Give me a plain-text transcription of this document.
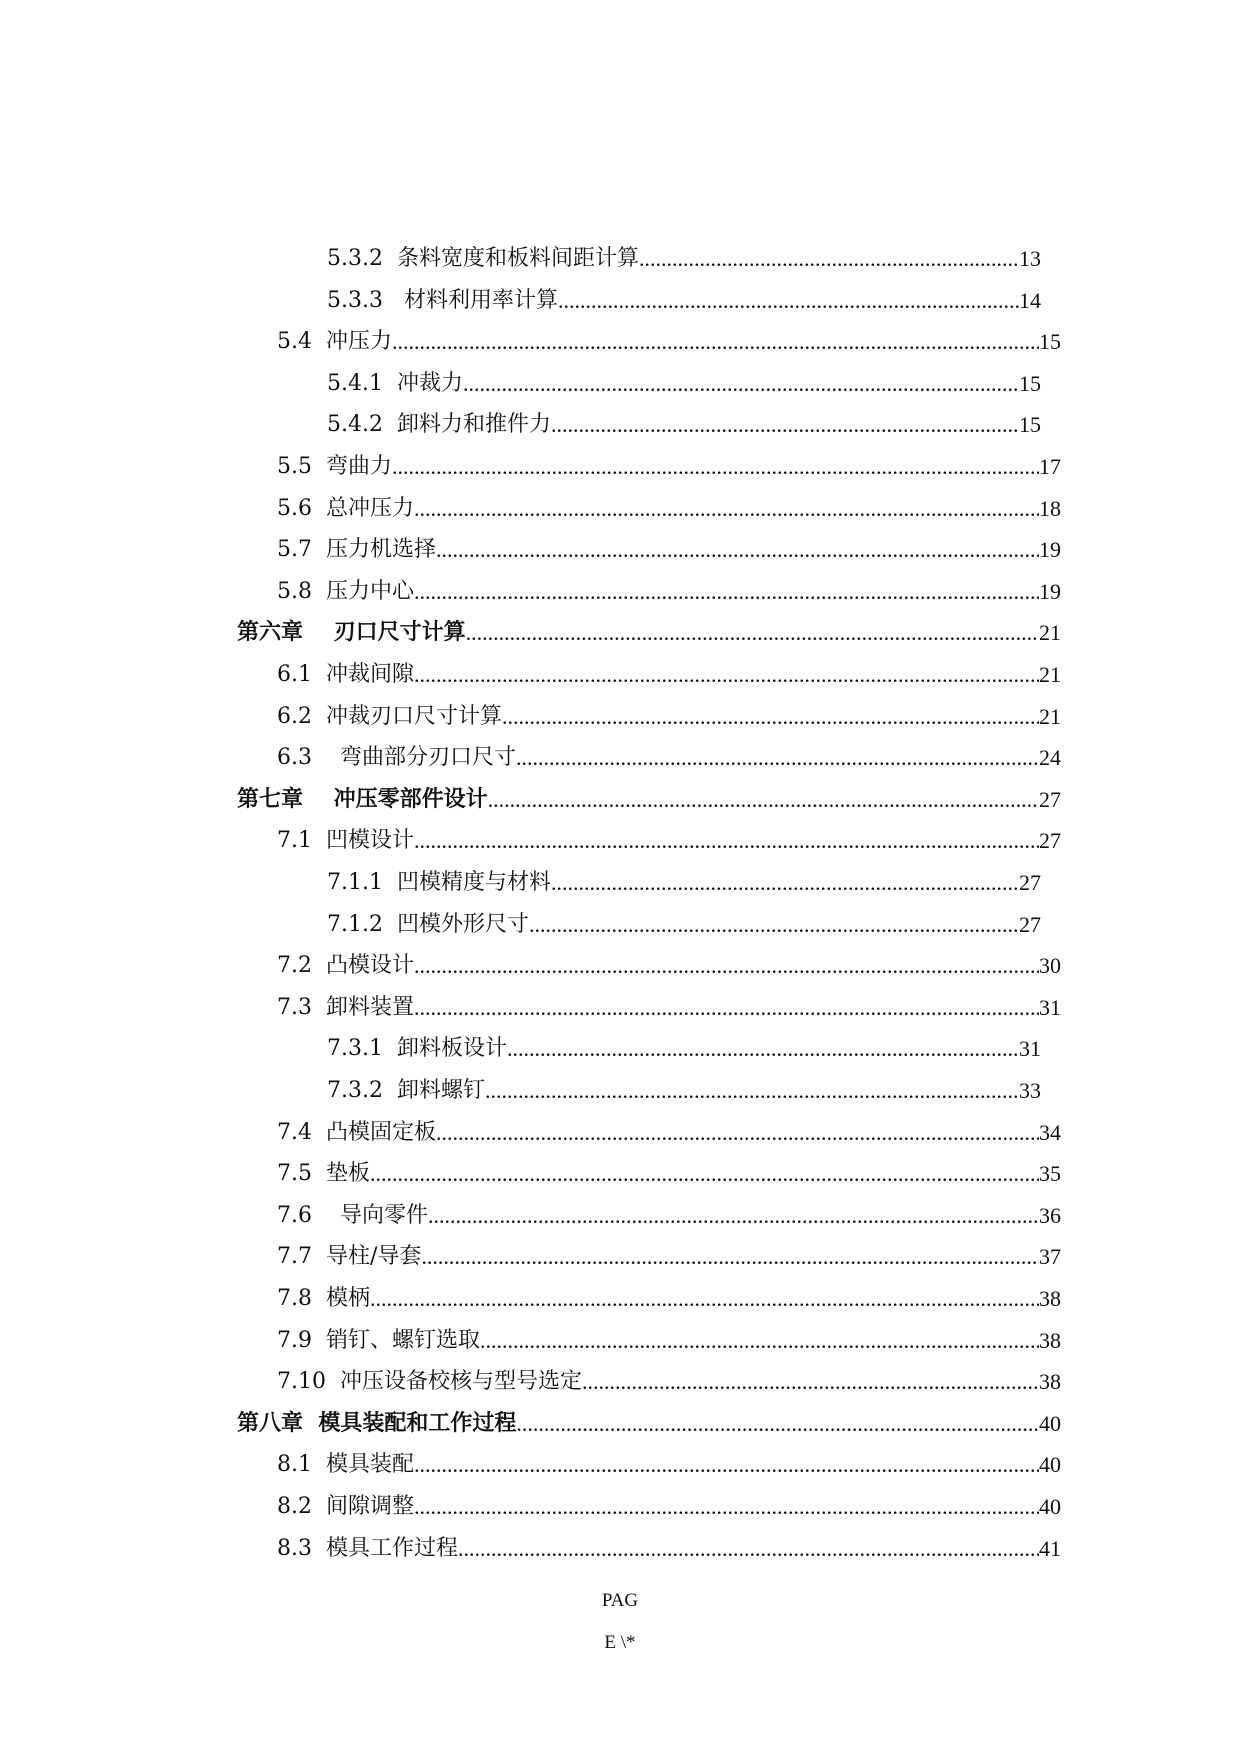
5.3.2  条料宽度和板料间距计算 .....	13
5.3.3   材料利用率计算 .....	14
5.4  冲压力 .....	15
5.4.1  冲裁力 .....	15
5.4.2  卸料力和推件力 .....	15
5.5  弯曲力 .....	17
5.6  总冲压力 .....	18
5.7  压力机选择 .....	19
5.8  压力中心 .....	19
第六章    刃口尺寸计算 .....	21
6.1  冲裁间隙 .....	21
6.2  冲裁刃口尺寸计算 .....	21
6.3    弯曲部分刃口尺寸 .....	24
第七章    冲压零部件设计 .....	27
7.1  凹模设计 .....	27
7.1.1  凹模精度与材料 .....	27
7.1.2  凹模外形尺寸 .....	27
7.2  凸模设计 .....	30
7.3  卸料装置 .....	31
7.3.1  卸料板设计 .....	31
7.3.2  卸料螺钉 .....	33
7.4  凸模固定板 .....	34
7.5  垫板 .....	35
7.6    导向零件 .....	36
7.7  导柱/导套 .....	37
7.8  模柄 .....	38
7.9  销钉、螺钉选取 .....	38
7.10  冲压设备校核与型号选定 .....	38
第八章  模具装配和工作过程 .....	40
8.1  模具装配 .....	40
8.2  间隙调整 .....	40
8.3  模具工作过程 .....	41
PAG
E \*
